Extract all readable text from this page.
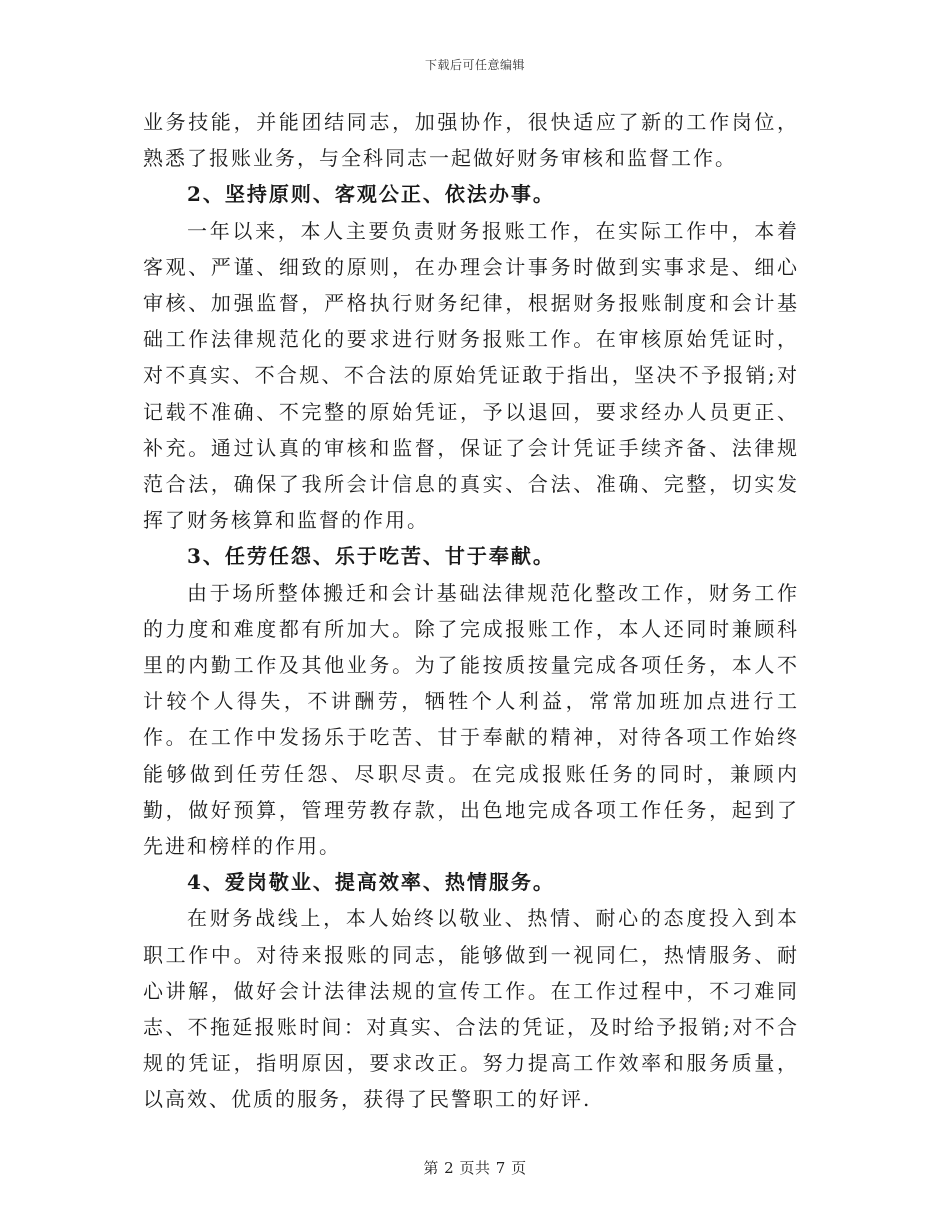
下载后可任意编辑

业务技能，并能团结同志，加强协作，很快适应了新的工作岗位，熟悉了报账业务，与全科同志一起做好财务审核和监督工作。

2、坚持原则、客观公正、依法办事。

一年以来，本人主要负责财务报账工作，在实际工作中，本着客观、严谨、细致的原则，在办理会计事务时做到实事求是、细心审核、加强监督，严格执行财务纪律，根据财务报账制度和会计基础工作法律规范化的要求进行财务报账工作。在审核原始凭证时，对不真实、不合规、不合法的原始凭证敢于指出，坚决不予报销;对记载不准确、不完整的原始凭证，予以退回，要求经办人员更正、补充。通过认真的审核和监督，保证了会计凭证手续齐备、法律规范合法，确保了我所会计信息的真实、合法、准确、完整，切实发挥了财务核算和监督的作用。

3、任劳任怨、乐于吃苦、甘于奉献。

由于场所整体搬迁和会计基础法律规范化整改工作，财务工作的力度和难度都有所加大。除了完成报账工作，本人还同时兼顾科里的内勤工作及其他业务。为了能按质按量完成各项任务，本人不计较个人得失，不讲酬劳，牺牲个人利益，常常加班加点进行工作。在工作中发扬乐于吃苦、甘于奉献的精神，对待各项工作始终能够做到任劳任怨、尽职尽责。在完成报账任务的同时，兼顾内勤，做好预算，管理劳教存款，出色地完成各项工作任务，起到了先进和榜样的作用。

4、爱岗敬业、提高效率、热情服务。

在财务战线上，本人始终以敬业、热情、耐心的态度投入到本职工作中。对待来报账的同志，能够做到一视同仁，热情服务、耐心讲解，做好会计法律法规的宣传工作。在工作过程中，不刁难同志、不拖延报账时间：对真实、合法的凭证，及时给予报销;对不合规的凭证，指明原因，要求改正。努力提高工作效率和服务质量，以高效、优质的服务，获得了民警职工的好评.

第 2 页共 7 页
